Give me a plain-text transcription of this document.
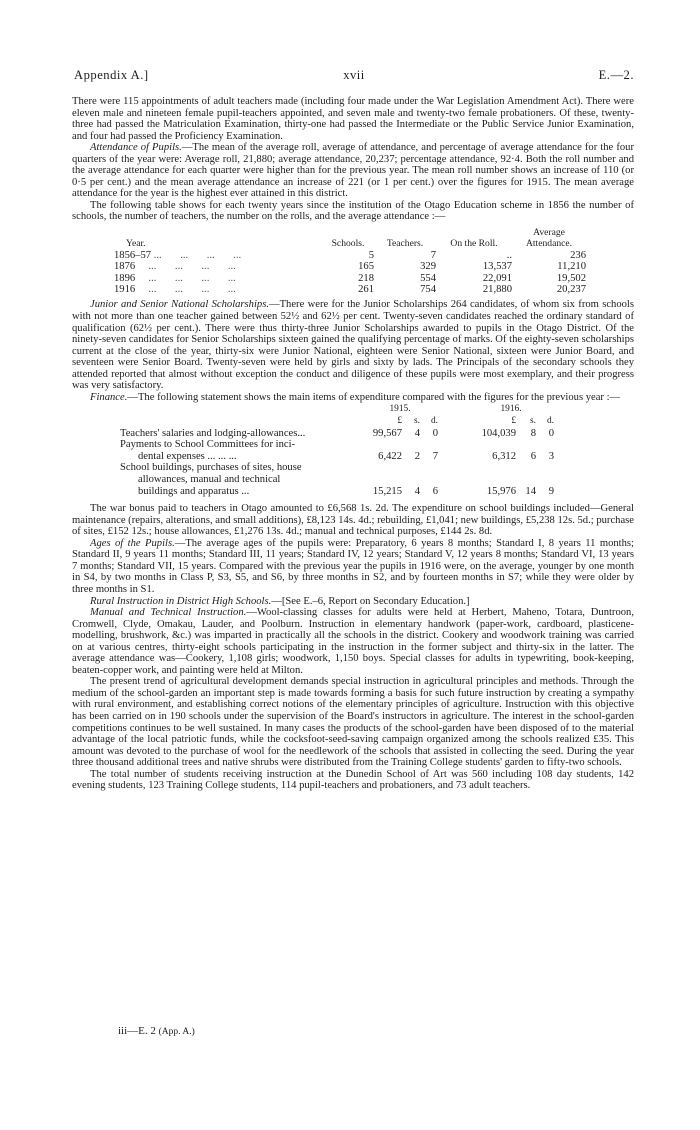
Appendix A.]	xvii	E.—2.

There were 115 appointments of adult teachers made (including four made under the War Legislation Amendment Act). There were eleven male and nineteen female pupil-teachers appointed, and seven male and twenty-two female probationers. Of these, twenty-three had passed the Matriculation Examination, thirty-one had passed the Intermediate or the Public Service Junior Examination, and four had passed the Proficiency Examination.

Attendance of Pupils.—The mean of the average roll, average of attendance, and percentage of average attendance for the four quarters of the year were: Average roll, 21,880; average attendance, 20,237; percentage attendance, 92·4. Both the roll number and the average attendance for each quarter were higher than for the previous year. The mean roll number shows an increase of 110 (or 0·5 per cent.) and the mean average attendance an increase of 221 (or 1 per cent.) over the figures for 1915. The mean average attendance for the year is the highest ever attained in this district.

The following table shows for each twenty years since the institution of the Otago Education scheme in 1856 the number of schools, the number of teachers, the number on the rolls, and the average attendance :—

Year.	Schools.	Teachers.	On the Roll.	Average Attendance.
1856–57 ...       ...       ...       ...	5	7	..	236
1876     ...       ...       ...       ...	165	329	13,537	11,210
1896     ...       ...       ...       ...	218	554	22,091	19,502
1916     ...       ...       ...       ...	261	754	21,880	20,237

Junior and Senior National Scholarships.—There were for the Junior Scholarships 264 candidates, of whom six from schools with not more than one teacher gained between 52½ and 62½ per cent. Twenty-seven candidates reached the ordinary standard of qualification (62½ per cent.). There were thus thirty-three Junior Scholarships awarded to pupils in the Otago District. Of the ninety-seven candidates for Senior Scholarships sixteen gained the qualifying percentage of marks. Of the eighty-seven scholarships current at the close of the year, thirty-six were Junior National, eighteen were Senior National, sixteen were Junior Board, and seventeen were Senior Board. Twenty-seven were held by girls and sixty by lads. The Principals of the secondary schools they attended reported that almost without exception the conduct and diligence of these pupils were most exemplary, and their progress was very satisfactory.

Finance.—The following statement shows the main items of expenditure compared with the figures for the previous year :—

	1915.				1916.		
	£	s.	d.		£	s.	d.
Teachers' salaries and lodging-allowances...	99,567	4	0		104,039	8	0
Payments to School Committees for inci-							
dental expenses ... ... ...	6,422	2	7		6,312	6	3
School buildings, purchases of sites, house							
allowances, manual and technical							
buildings and apparatus ...	15,215	4	6		15,976	14	9

The war bonus paid to teachers in Otago amounted to £6,568 1s. 2d. The expenditure on school buildings included—General maintenance (repairs, alterations, and small additions), £8,123 14s. 4d.; rebuilding, £1,041; new buildings, £5,238 12s. 5d.; purchase of sites, £152 12s.; house allowances, £1,276 13s. 4d.; manual and technical purposes, £144 2s. 8d.

Ages of the Pupils.—The average ages of the pupils were: Preparatory, 6 years 8 months; Standard I, 8 years 11 months; Standard II, 9 years 11 months; Standard III, 11 years; Standard IV, 12 years; Standard V, 12 years 8 months; Standard VI, 13 years 7 months; Standard VII, 15 years. Compared with the previous year the pupils in 1916 were, on the average, younger by one month in S4, by two months in Class P, S3, S5, and S6, by three months in S2, and by fourteen months in S7; while they were older by three months in S1.

Rural Instruction in District High Schools.—[See E.–6, Report on Secondary Education.]

Manual and Technical Instruction.—Wool-classing classes for adults were held at Herbert, Maheno, Totara, Duntroon, Cromwell, Clyde, Omakau, Lauder, and Poolburn. Instruction in elementary handwork (paper-work, cardboard, plasticene-modelling, brushwork, &c.) was imparted in practically all the schools in the district. Cookery and woodwork training was carried on at various centres, thirty-eight schools participating in the instruction in the former subject and thirty-six in the latter. The average attendance was—Cookery, 1,108 girls; woodwork, 1,150 boys. Special classes for adults in typewriting, book-keeping, beaten-copper work, and painting were held at Milton.

The present trend of agricultural development demands special instruction in agricultural principles and methods. Through the medium of the school-garden an important step is made towards forming a basis for such future instruction by creating a sympathy with rural environment, and establishing correct notions of the elementary principles of agriculture. Instruction with this objective has been carried on in 190 schools under the supervision of the Board's instructors in agriculture. The interest in the school-garden competitions continues to be well sustained. In many cases the products of the school-garden have been disposed of to the material advantage of the local patriotic funds, while the cocksfoot-seed-saving campaign organized among the schools realized £35. This amount was devoted to the purchase of wool for the needlework of the schools that assisted in collecting the seed. During the year three thousand additional trees and native shrubs were distributed from the Training College students' garden to fifty-two schools.

The total number of students receiving instruction at the Dunedin School of Art was 560 including 108 day students, 142 evening students, 123 Training College students, 114 pupil-teachers and probationers, and 73 adult teachers.

iii—E. 2 (App. A.)
